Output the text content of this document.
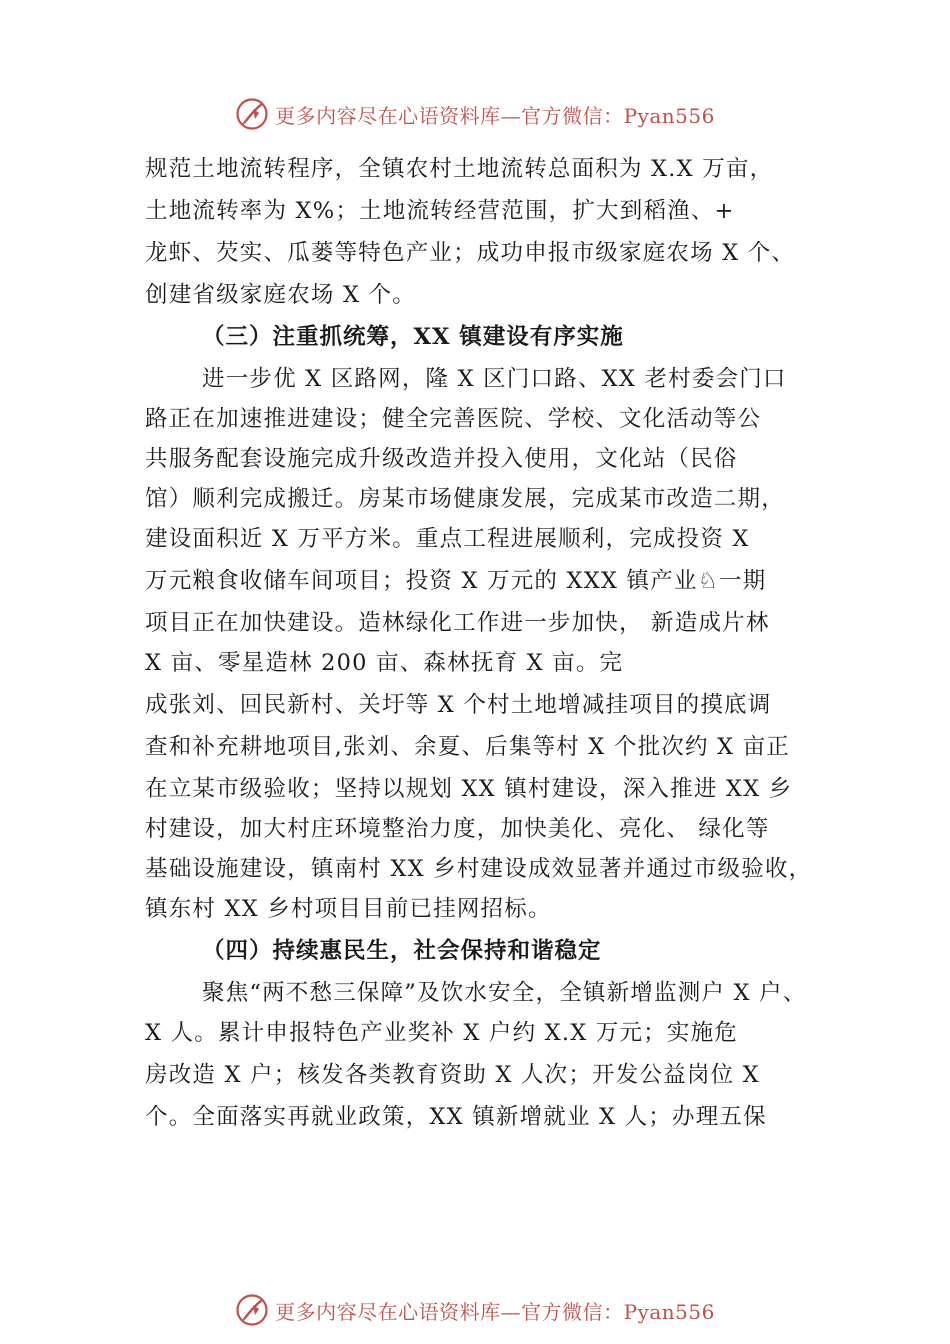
更多内容尽在心语资料库—官方微信：Pyan556
规范土地流转程序，全镇农村土地流转总面积为 X.X 万亩，
土地流转率为 X%；土地流转经营范围，扩大到稻渔、+
龙虾、芡实、瓜蒌等特色产业；成功申报市级家庭农场 X 个、
创建省级家庭农场 X 个。
（三）注重抓统筹，XX 镇建设有序实施
进一步优 X 区路网，隆 X 区门口路、XX 老村委会门口
路正在加速推进建设；健全完善医院、学校、文化活动等公
共服务配套设施完成升级改造并投入使用，文化站（民俗
馆）顺利完成搬迁。房某市场健康发展，完成某市改造二期，
建设面积近 X 万平方米。重点工程进展顺利，完成投资 X
万元粮食收储车间项目；投资 X 万元的 XXX 镇产业♘一期
项目正在加快建设。造林绿化工作进一步加快， 新造成片林
X 亩、零星造林 200 亩、森林抚育 X 亩。完
成张刘、回民新村、关圩等 X 个村土地增减挂项目的摸底调
查和补充耕地项目,张刘、余夏、后集等村 X 个批次约 X 亩正
在立某市级验收；坚持以规划 XX 镇村建设，深入推进 XX 乡
村建设，加大村庄环境整治力度，加快美化、亮化、 绿化等
基础设施建设，镇南村 XX 乡村建设成效显著并通过市级验收，
镇东村 XX 乡村项目目前已挂网招标。
（四）持续惠民生，社会保持和谐稳定
聚焦“两不愁三保障”及饮水安全，全镇新增监测户 X 户、
X 人。累计申报特色产业奖补 X 户约 X.X 万元；实施危
房改造 X 户；核发各类教育资助 X 人次；开发公益岗位 X
个。全面落实再就业政策，XX 镇新增就业 X 人；办理五保
更多内容尽在心语资料库—官方微信：Pyan556
